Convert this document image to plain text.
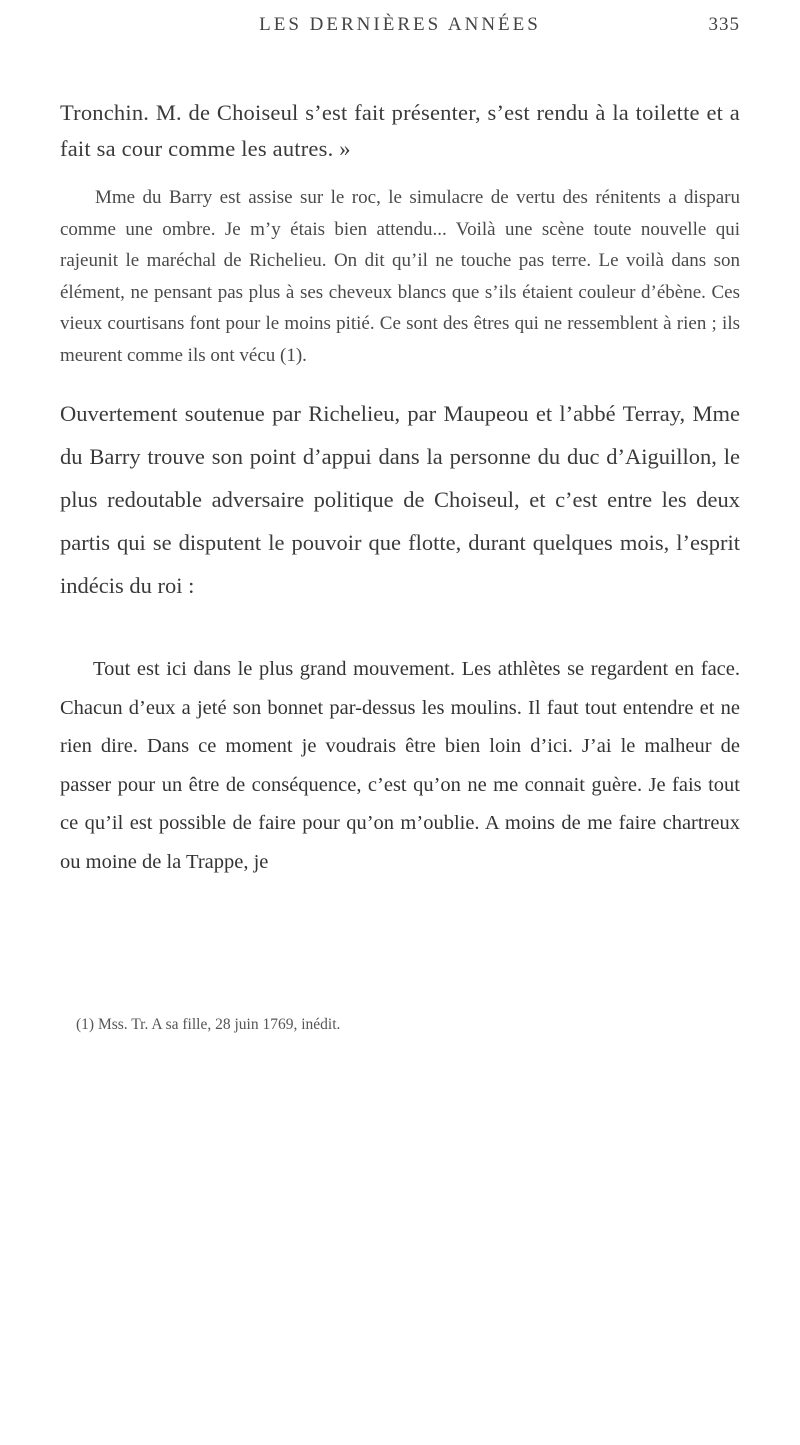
LES DERNIÈRES ANNÉES	335

Tronchin. M. de Choiseul s’est fait présenter, s’est rendu à la toilette et a fait sa cour comme les autres. »

Mme du Barry est assise sur le roc, le simulacre de vertu des rénitents a disparu comme une ombre. Je m’y étais bien attendu... Voilà une scène toute nouvelle qui rajeunit le maréchal de Richelieu. On dit qu’il ne touche pas terre. Le voilà dans son élément, ne pensant pas plus à ses cheveux blancs que s’ils étaient couleur d’ébène. Ces vieux courtisans font pour le moins pitié. Ce sont des êtres qui ne ressemblent à rien ; ils meurent comme ils ont vécu (1).

Ouvertement soutenue par Richelieu, par Maupeou et l’abbé Terray, Mme du Barry trouve son point d’appui dans la personne du duc d’Aiguillon, le plus redoutable adversaire politique de Choiseul, et c’est entre les deux partis qui se disputent le pouvoir que flotte, durant quelques mois, l’esprit indécis du roi :

Tout est ici dans le plus grand mouvement. Les athlètes se regardent en face. Chacun d’eux a jeté son bonnet par-dessus les moulins. Il faut tout entendre et ne rien dire. Dans ce moment je voudrais être bien loin d’ici. J’ai le malheur de passer pour un être de conséquence, c’est qu’on ne me connait guère. Je fais tout ce qu’il est possible de faire pour qu’on m’oublie. A moins de me faire chartreux ou moine de la Trappe, je

(1) Mss. Tr. A sa fille, 28 juin 1769, inédit.
